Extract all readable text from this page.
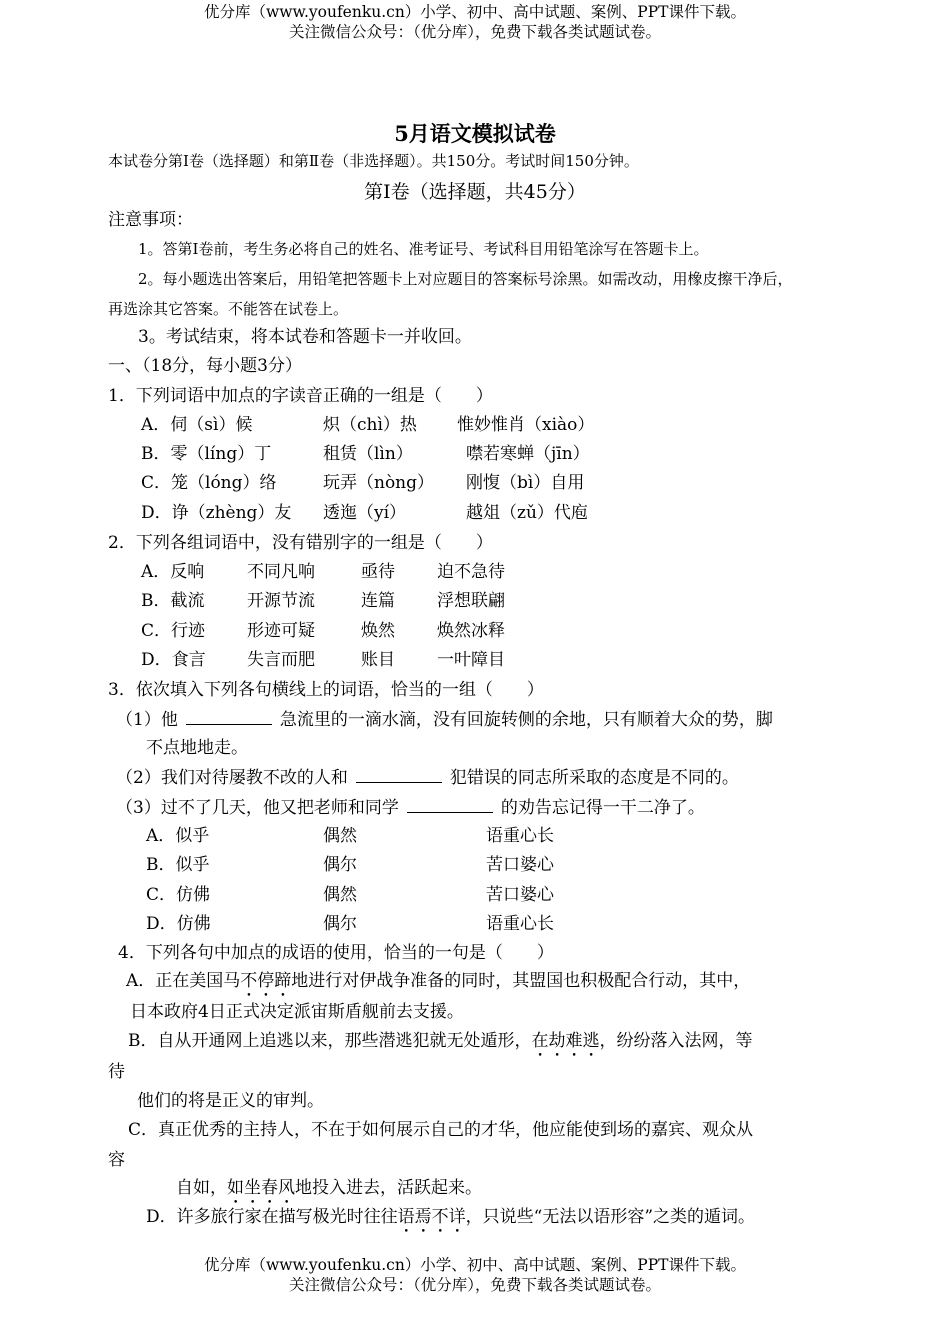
优分库（www.youfenku.cn）小学、初中、高中试题、案例、PPT课件下载。
关注微信公众号：（优分库），免费下载各类试题试卷。
5月语文模拟试卷
本试卷分第Ⅰ卷（选择题）和第Ⅱ卷（非选择题）。共150分。考试时间150分钟。
第Ⅰ卷（选择题，共45分）
注意事项：
1。答第Ⅰ卷前，考生务必将自己的姓名、准考证号、考试科目用铅笔涂写在答题卡上。
2。每小题选出答案后，用铅笔把答题卡上对应题目的答案标号涂黑。如需改动，用橡皮擦干净后，
再选涂其它答案。不能答在试卷上。
3。考试结束，将本试卷和答题卡一并收回。
一、（18分，每小题3分）
1．下列词语中加点的字读音正确的一组是（　　）
A．伺（sì）候	炽（chì）热 惟妙惟肖（xiào）
B．零（líng）丁	租赁（lìn）	噤若寒蝉（jīn）
C．笼（lóng）络	玩弄（nòng） 刚愎（bì）自用
D．诤（zhèng）友 透迤（yí）	越俎（zǔ）代庖
2．下列各组词语中，没有错别字的一组是（　　）
A．反响	不同凡响	亟待 迫不急待
B．截流	开源节流	连篇 浮想联翩
C．行迹 形迹可疑	焕然 焕然冰释
D．食言 失言而肥	账目 一叶障目
3．依次填入下列各句横线上的词语，恰当的一组（　　）
（1）他	急流里的一滴水滴，没有回旋转侧的余地，只有顺着大众的势，脚
不点地地走。
（2）我们对待屡教不改的人和	犯错误的同志所采取的态度是不同的。
（3）过不了几天，他又把老师和同学	的劝告忘记得一干二净了。
A．似乎	偶然	语重心长
B．似乎	偶尔	苦口婆心
C．仿佛	偶然	苦口婆心
D．仿佛	偶尔	语重心长
4．下列各句中加点的成语的使用，恰当的一句是（　　）
A．正在美国马不停蹄地进行对伊战争准备的同时，其盟国也积极配合行动，其中，
日本政府4日正式决定派宙斯盾舰前去支援。
B．自从开通网上追逃以来，那些潜逃犯就无处遁形，在劫难逃，纷纷落入法网，等
待
他们的将是正义的审判。
C．真正优秀的主持人，不在于如何展示自己的才华，他应能使到场的嘉宾、观众从
容
自如，如坐春风地投入进去，活跃起来。
D．许多旅行家在描写极光时往往语焉不详，只说些“无法以语形容”之类的遁词。
优分库（www.youfenku.cn）小学、初中、高中试题、案例、PPT课件下载。
关注微信公众号：（优分库），免费下载各类试题试卷。
